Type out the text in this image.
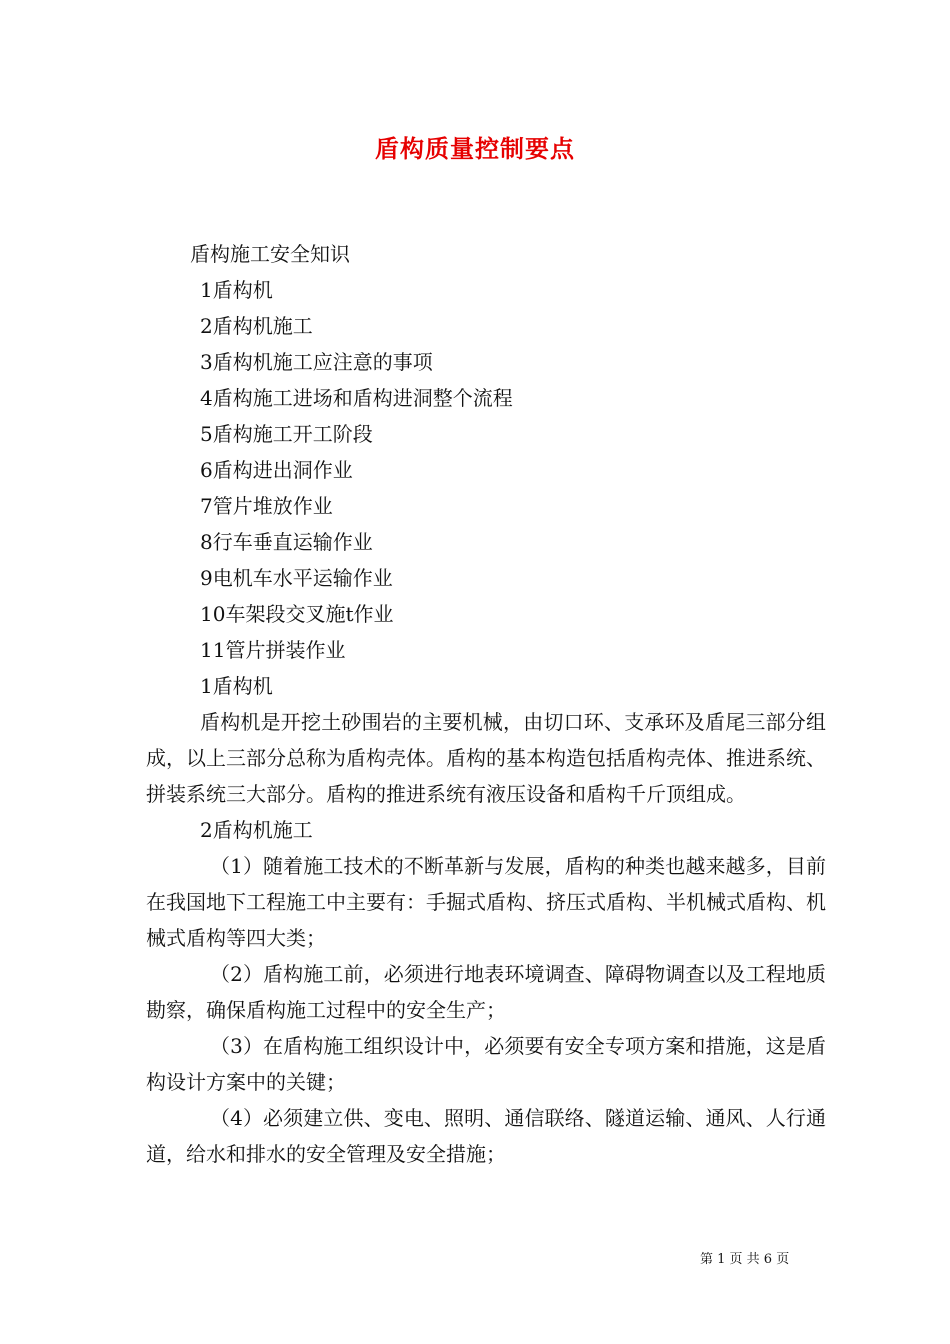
盾构质量控制要点

盾构施工安全知识

1盾构机

2盾构机施工

3盾构机施工应注意的事项

4盾构施工进场和盾构进洞整个流程

5盾构施工开工阶段

6盾构进出洞作业

7管片堆放作业

8行车垂直运输作业

9电机车水平运输作业

10车架段交叉施t作业

11管片拼装作业

1盾构机

盾构机是开挖土砂围岩的主要机械，由切口环、支承环及盾尾三部分组成，以上三部分总称为盾构壳体。盾构的基本构造包括盾构壳体、推进系统、拼装系统三大部分。盾构的推进系统有液压设备和盾构千斤顶组成。

2盾构机施工

（1）随着施工技术的不断革新与发展，盾构的种类也越来越多，目前在我国地下工程施工中主要有：手掘式盾构、挤压式盾构、半机械式盾构、机械式盾构等四大类；

（2）盾构施工前，必须进行地表环境调查、障碍物调查以及工程地质勘察，确保盾构施工过程中的安全生产；

（3）在盾构施工组织设计中，必须要有安全专项方案和措施，这是盾构设计方案中的关键；

（4）必须建立供、变电、照明、通信联络、隧道运输、通风、人行通道，给水和排水的安全管理及安全措施；

第 1 页 共 6 页
